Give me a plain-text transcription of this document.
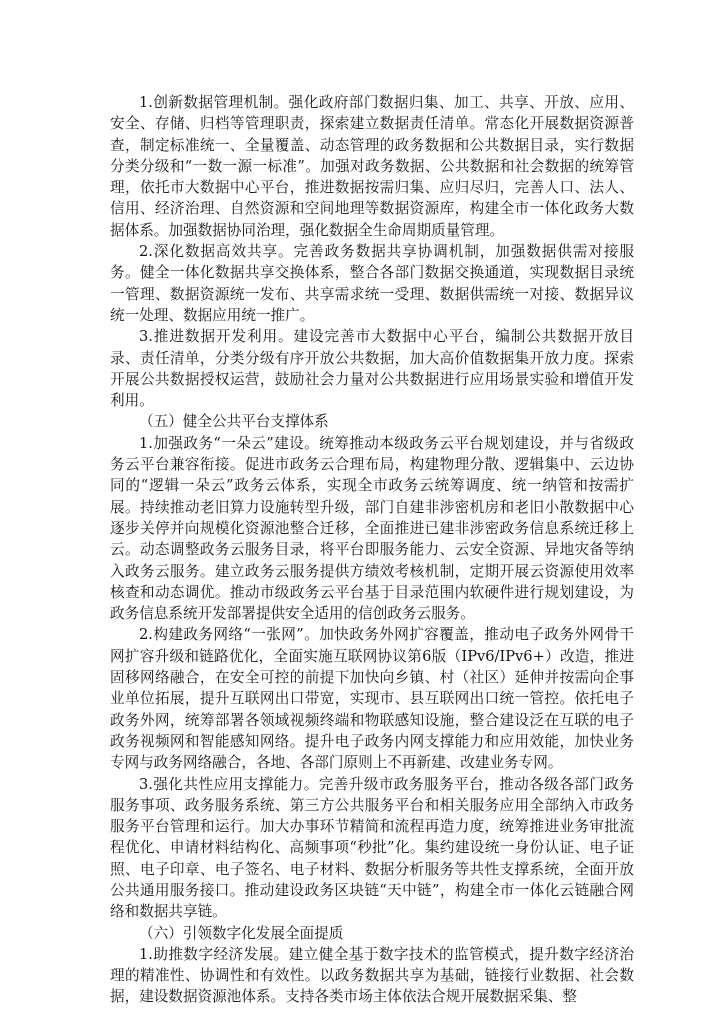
1.创新数据管理机制。强化政府部门数据归集、加工、共享、开放、应用、安全、存储、归档等管理职责，探索建立数据责任清单。常态化开展数据资源普查，制定标准统一、全量覆盖、动态管理的政务数据和公共数据目录，实行数据分类分级和“一数一源一标准”。加强对政务数据、公共数据和社会数据的统筹管理，依托市大数据中心平台，推进数据按需归集、应归尽归，完善人口、法人、信用、经济治理、自然资源和空间地理等数据资源库，构建全市一体化政务大数据体系。加强数据协同治理，强化数据全生命周期质量管理。

2.深化数据高效共享。完善政务数据共享协调机制，加强数据供需对接服务。健全一体化数据共享交换体系，整合各部门数据交换通道，实现数据目录统一管理、数据资源统一发布、共享需求统一受理、数据供需统一对接、数据异议统一处理、数据应用统一推广。

3.推进数据开发利用。建设完善市大数据中心平台，编制公共数据开放目录、责任清单，分类分级有序开放公共数据，加大高价值数据集开放力度。探索开展公共数据授权运营，鼓励社会力量对公共数据进行应用场景实验和增值开发利用。

（五）健全公共平台支撑体系

1.加强政务“一朵云”建设。统筹推动本级政务云平台规划建设，并与省级政务云平台兼容衔接。促进市政务云合理布局，构建物理分散、逻辑集中、云边协同的“逻辑一朵云”政务云体系，实现全市政务云统筹调度、统一纳管和按需扩展。持续推动老旧算力设施转型升级，部门自建非涉密机房和老旧小散数据中心逐步关停并向规模化资源池整合迁移，全面推进已建非涉密政务信息系统迁移上云。动态调整政务云服务目录，将平台即服务能力、云安全资源、异地灾备等纳入政务云服务。建立政务云服务提供方绩效考核机制，定期开展云资源使用效率核查和动态调优。推动市级政务云平台基于目录范围内软硬件进行规划建设，为政务信息系统开发部署提供安全适用的信创政务云服务。

2.构建政务网络“一张网”。加快政务外网扩容覆盖，推动电子政务外网骨干网扩容升级和链路优化，全面实施互联网协议第6版（IPv6/IPv6+）改造，推进固移网络融合，在安全可控的前提下加快向乡镇、村（社区）延伸并按需向企事业单位拓展，提升互联网出口带宽，实现市、县互联网出口统一管控。依托电子政务外网，统筹部署各领域视频终端和物联感知设施，整合建设泛在互联的电子政务视频网和智能感知网络。提升电子政务内网支撑能力和应用效能，加快业务专网与政务网络融合，各地、各部门原则上不再新建、改建业务专网。

3.强化共性应用支撑能力。完善升级市政务服务平台，推动各级各部门政务服务事项、政务服务系统、第三方公共服务平台和相关服务应用全部纳入市政务服务平台管理和运行。加大办事环节精简和流程再造力度，统筹推进业务审批流程优化、申请材料结构化、高频事项“秒批”化。集约建设统一身份认证、电子证照、电子印章、电子签名、电子材料、数据分析服务等共性支撑系统，全面开放公共通用服务接口。推动建设政务区块链“天中链”，构建全市一体化云链融合网络和数据共享链。

（六）引领数字化发展全面提质

1.助推数字经济发展。建立健全基于数字技术的监管模式，提升数字经济治理的精准性、协调性和有效性。以政务数据共享为基础，链接行业数据、社会数据，建设数据资源池体系。支持各类市场主体依法合规开展数据采集、整
